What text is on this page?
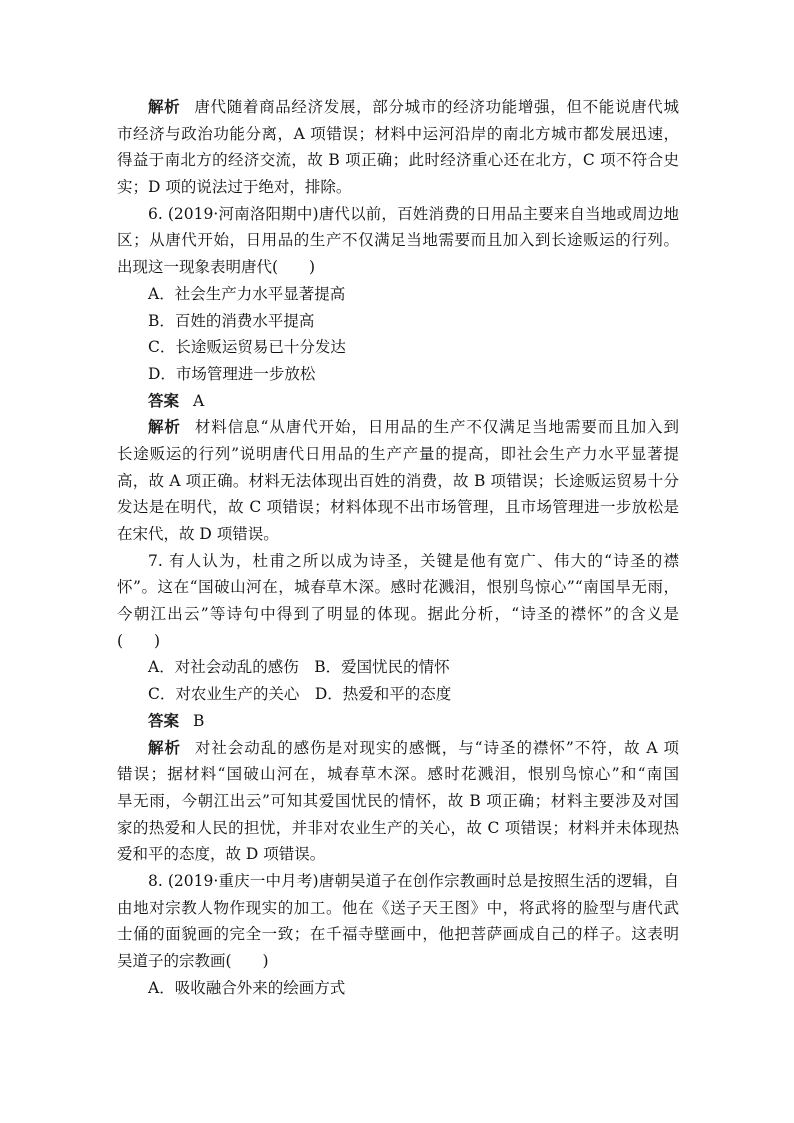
解析 唐代随着商品经济发展，部分城市的经济功能增强，但不能说唐代城
市经济与政治功能分离，A 项错误；材料中运河沿岸的南北方城市都发展迅速，
得益于南北方的经济交流，故 B 项正确；此时经济重心还在北方，C 项不符合史
实；D 项的说法过于绝对，排除。
6. (2019·河南洛阳期中)唐代以前，百姓消费的日用品主要来自当地或周边地
区；从唐代开始，日用品的生产不仅满足当地需要而且加入到长途贩运的行列。
出现这一现象表明唐代(　　)
A．社会生产力水平显著提高
B．百姓的消费水平提高
C．长途贩运贸易已十分发达
D．市场管理进一步放松
答案 A
解析 材料信息“从唐代开始，日用品的生产不仅满足当地需要而且加入到
长途贩运的行列”说明唐代日用品的生产产量的提高，即社会生产力水平显著提
高，故 A 项正确。材料无法体现出百姓的消费，故 B 项错误；长途贩运贸易十分
发达是在明代，故 C 项错误；材料体现不出市场管理，且市场管理进一步放松是
在宋代，故 D 项错误。
7. 有人认为，杜甫之所以成为诗圣，关键是他有宽广、伟大的“诗圣的襟
怀”。这在“国破山河在，城春草木深。感时花溅泪，恨别鸟惊心”“南国旱无雨，
今朝江出云”等诗句中得到了明显的体现。据此分析，“诗圣的襟怀”的含义是
(　　)
A．对社会动乱的感伤　B．爱国忧民的情怀
C．对农业生产的关心　D．热爱和平的态度
答案 B
解析 对社会动乱的感伤是对现实的感慨，与“诗圣的襟怀”不符，故 A 项
错误；据材料“国破山河在，城春草木深。感时花溅泪，恨别鸟惊心”和“南国
旱无雨，今朝江出云”可知其爱国忧民的情怀，故 B 项正确；材料主要涉及对国
家的热爱和人民的担忧，并非对农业生产的关心，故 C 项错误；材料并未体现热
爱和平的态度，故 D 项错误。
8. (2019·重庆一中月考)唐朝吴道子在创作宗教画时总是按照生活的逻辑，自
由地对宗教人物作现实的加工。他在《送子天王图》中，将武将的脸型与唐代武
士俑的面貌画的完全一致；在千福寺壁画中，他把菩萨画成自己的样子。这表明
吴道子的宗教画(　　)
A．吸收融合外来的绘画方式
